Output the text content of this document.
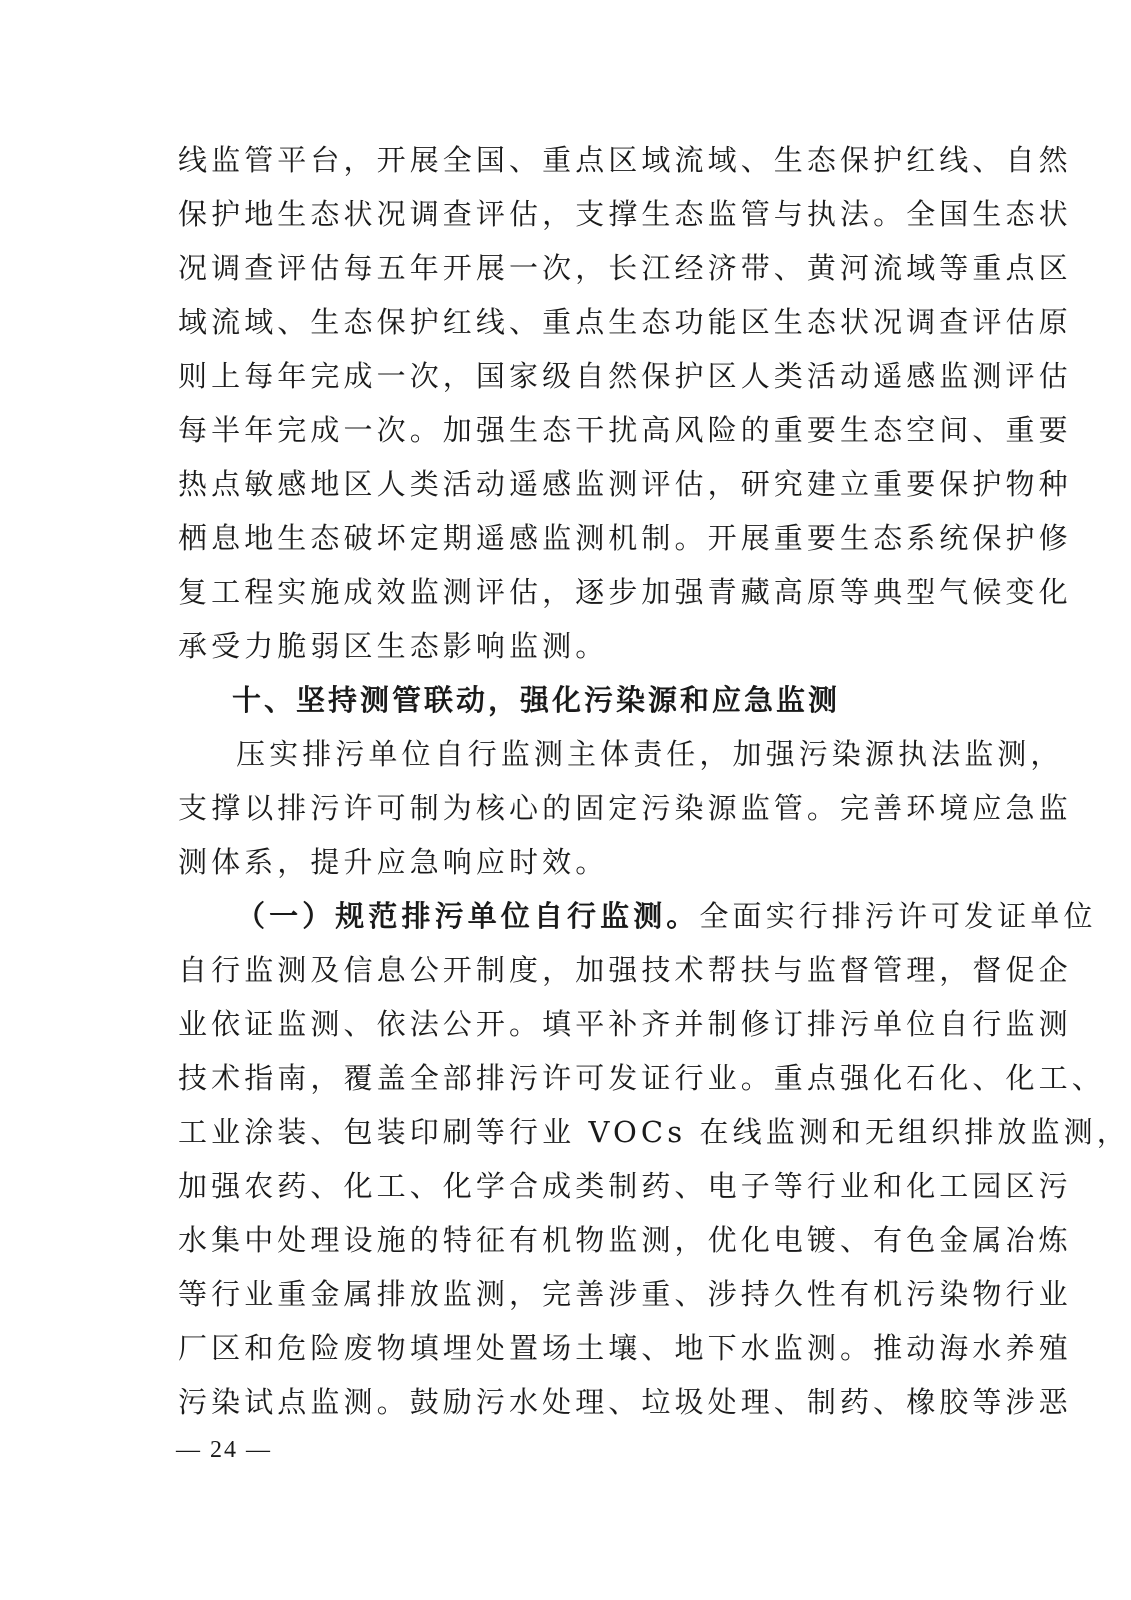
线监管平台，开展全国、重点区域流域、生态保护红线、自然
保护地生态状况调查评估，支撑生态监管与执法。全国生态状
况调查评估每五年开展一次，长江经济带、黄河流域等重点区
域流域、生态保护红线、重点生态功能区生态状况调查评估原
则上每年完成一次，国家级自然保护区人类活动遥感监测评估
每半年完成一次。加强生态干扰高风险的重要生态空间、重要
热点敏感地区人类活动遥感监测评估，研究建立重要保护物种
栖息地生态破坏定期遥感监测机制。开展重要生态系统保护修
复工程实施成效监测评估，逐步加强青藏高原等典型气候变化
承受力脆弱区生态影响监测。
十、坚持测管联动，强化污染源和应急监测
压实排污单位自行监测主体责任，加强污染源执法监测，
支撑以排污许可制为核心的固定污染源监管。完善环境应急监
测体系，提升应急响应时效。
（一）规范排污单位自行监测。全面实行排污许可发证单位
自行监测及信息公开制度，加强技术帮扶与监督管理，督促企
业依证监测、依法公开。填平补齐并制修订排污单位自行监测
技术指南，覆盖全部排污许可发证行业。重点强化石化、化工、
工业涂装、包装印刷等行业 VOCs 在线监测和无组织排放监测，
加强农药、化工、化学合成类制药、电子等行业和化工园区污
水集中处理设施的特征有机物监测，优化电镀、有色金属冶炼
等行业重金属排放监测，完善涉重、涉持久性有机污染物行业
厂区和危险废物填埋处置场土壤、地下水监测。推动海水养殖
污染试点监测。鼓励污水处理、垃圾处理、制药、橡胶等涉恶
— 24 —
